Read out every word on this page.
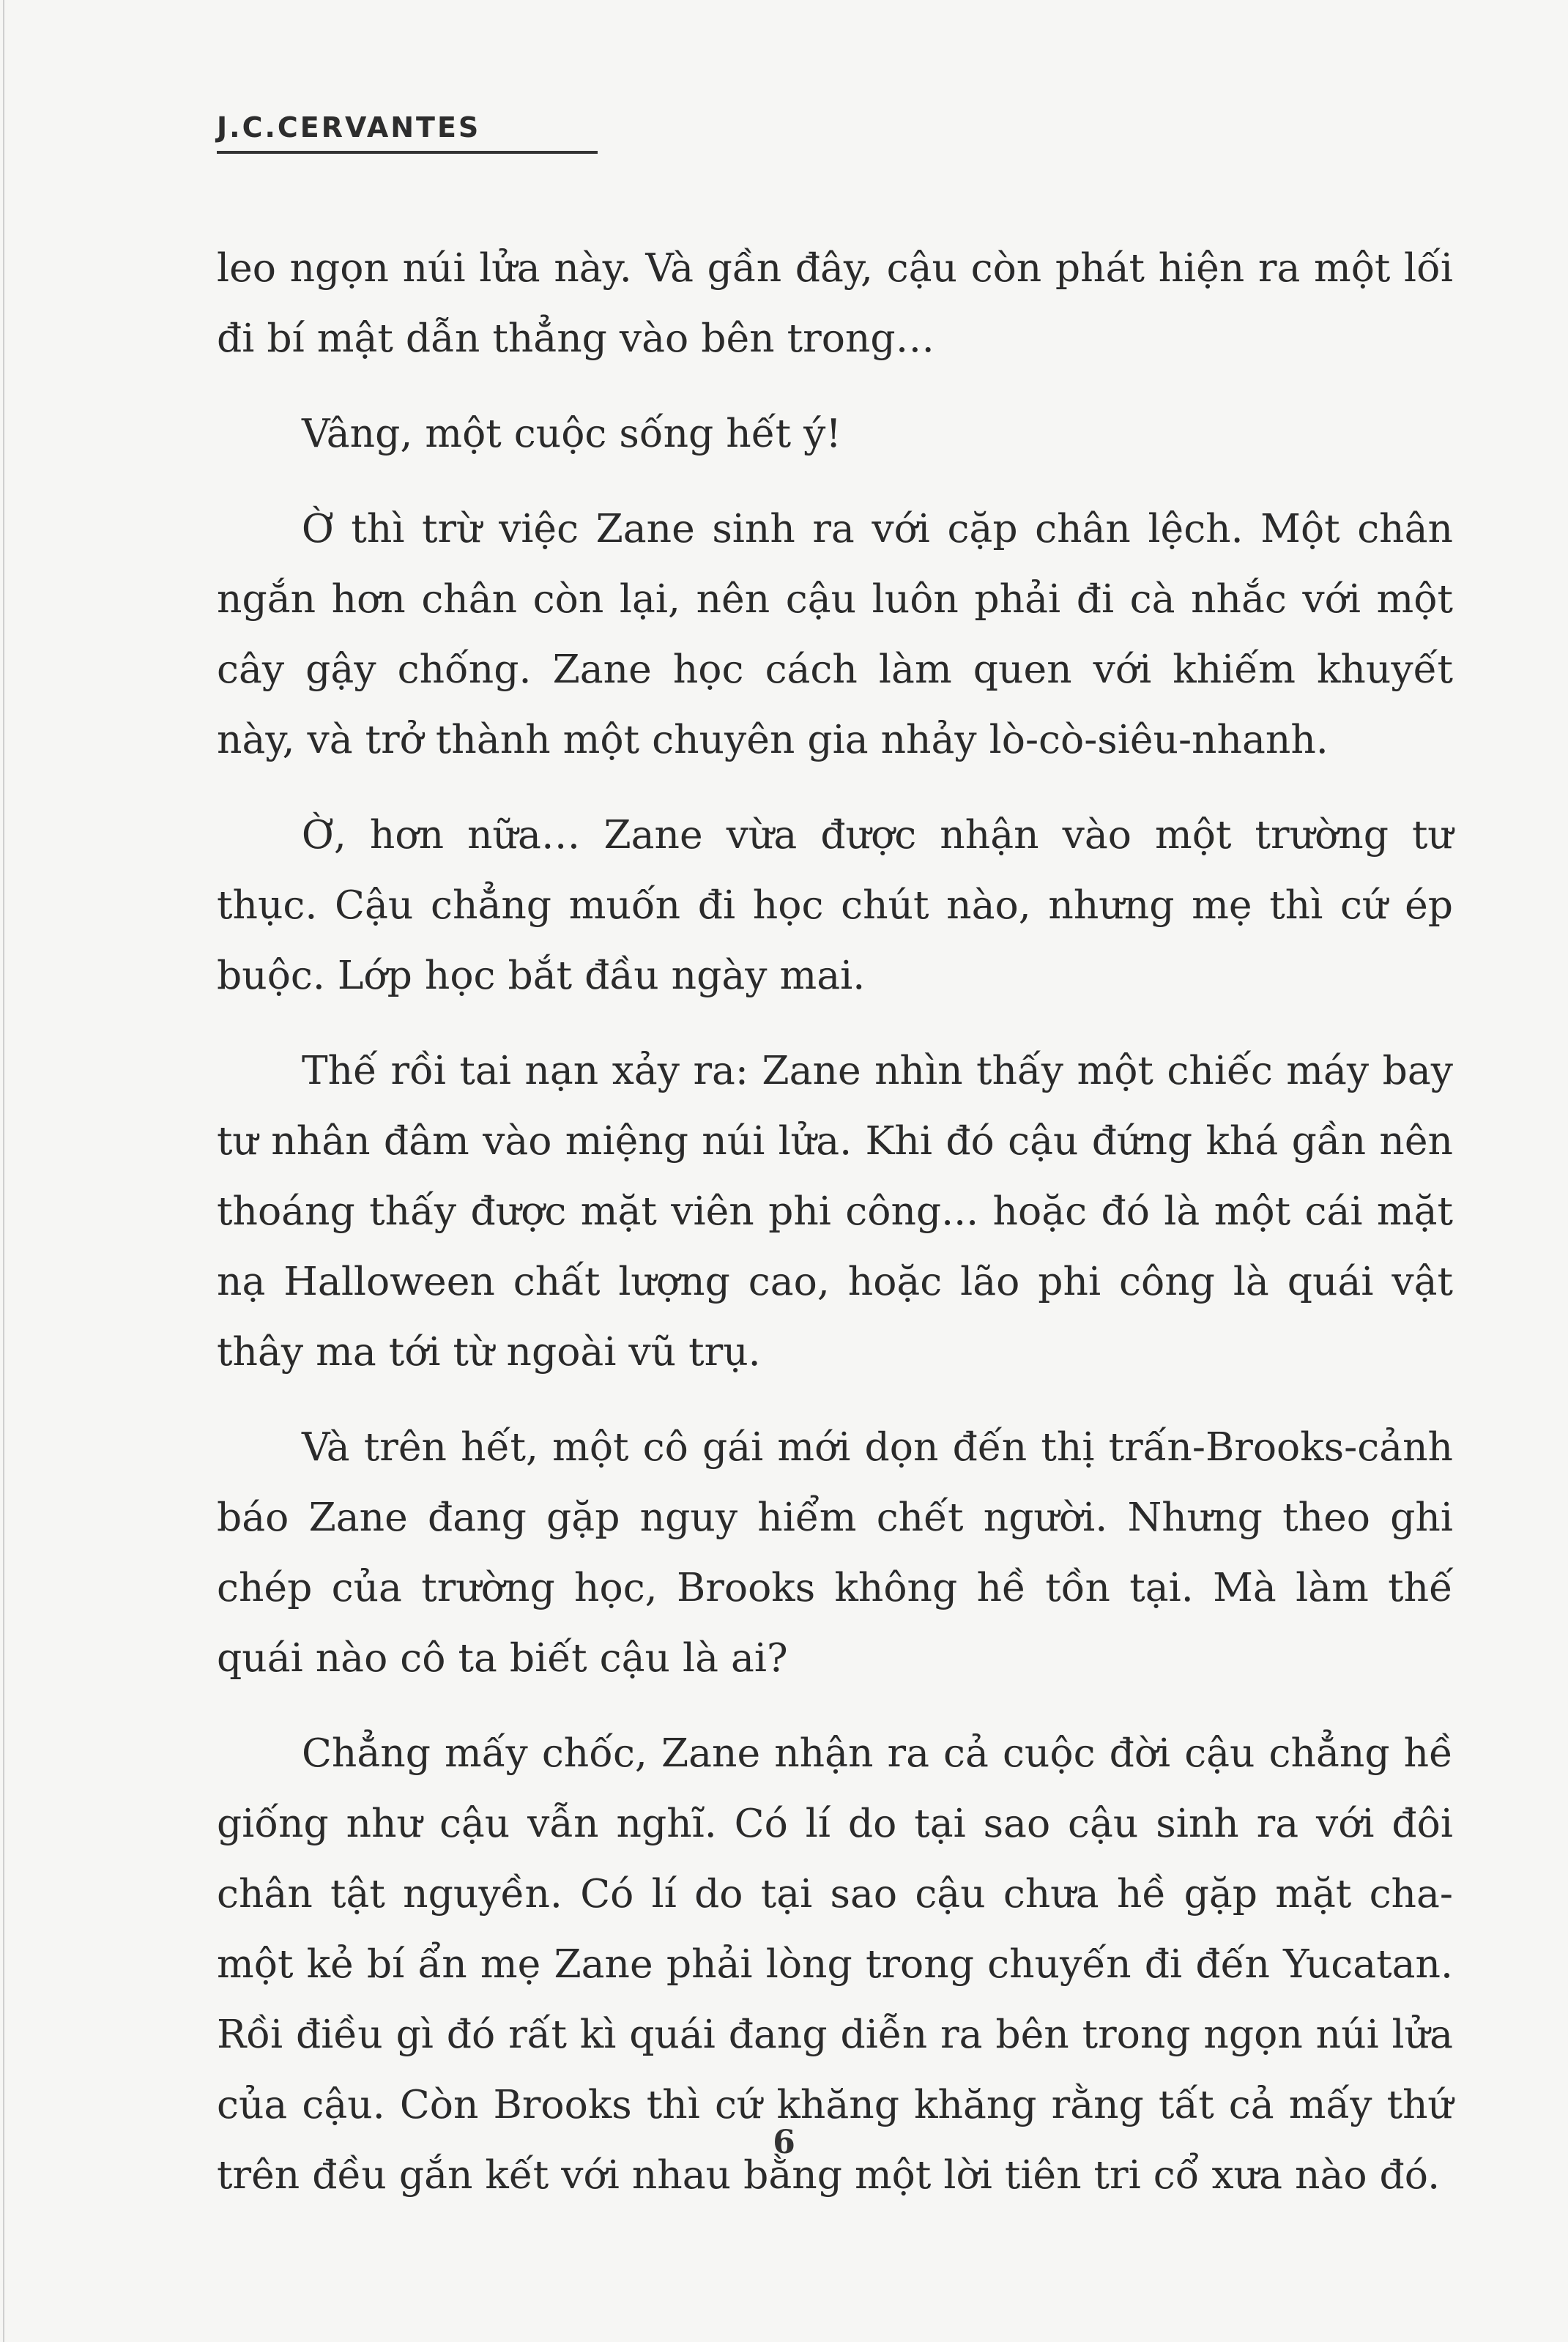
J.C.CERVANTES

leo ngọn núi lửa này. Và gần đây, cậu còn phát hiện ra một lối đi bí mật dẫn thẳng vào bên trong…

Vâng, một cuộc sống hết ý!

Ờ thì trừ việc Zane sinh ra với cặp chân lệch. Một chân ngắn hơn chân còn lại, nên cậu luôn phải đi cà nhắc với một cây gậy chống. Zane học cách làm quen với khiếm khuyết này, và trở thành một chuyên gia nhảy lò-cò-siêu-nhanh.

Ờ, hơn nữa… Zane vừa được nhận vào một trường tư thục. Cậu chẳng muốn đi học chút nào, nhưng mẹ thì cứ ép buộc. Lớp học bắt đầu ngày mai.

Thế rồi tai nạn xảy ra: Zane nhìn thấy một chiếc máy bay tư nhân đâm vào miệng núi lửa. Khi đó cậu đứng khá gần nên thoáng thấy được mặt viên phi công... hoặc đó là một cái mặt nạ Halloween chất lượng cao, hoặc lão phi công là quái vật thây ma tới từ ngoài vũ trụ.

Và trên hết, một cô gái mới dọn đến thị trấn-Brooks-cảnh báo Zane đang gặp nguy hiểm chết người. Nhưng theo ghi chép của trường học, Brooks không hề tồn tại. Mà làm thế quái nào cô ta biết cậu là ai?

Chẳng mấy chốc, Zane nhận ra cả cuộc đời cậu chẳng hề giống như cậu vẫn nghĩ. Có lí do tại sao cậu sinh ra với đôi chân tật nguyền. Có lí do tại sao cậu chưa hề gặp mặt cha-một kẻ bí ẩn mẹ Zane phải lòng trong chuyến đi đến Yucatan. Rồi điều gì đó rất kì quái đang diễn ra bên trong ngọn núi lửa của cậu. Còn Brooks thì cứ khăng khăng rằng tất cả mấy thứ trên đều gắn kết với nhau bằng một lời tiên tri cổ xưa nào đó.

6
